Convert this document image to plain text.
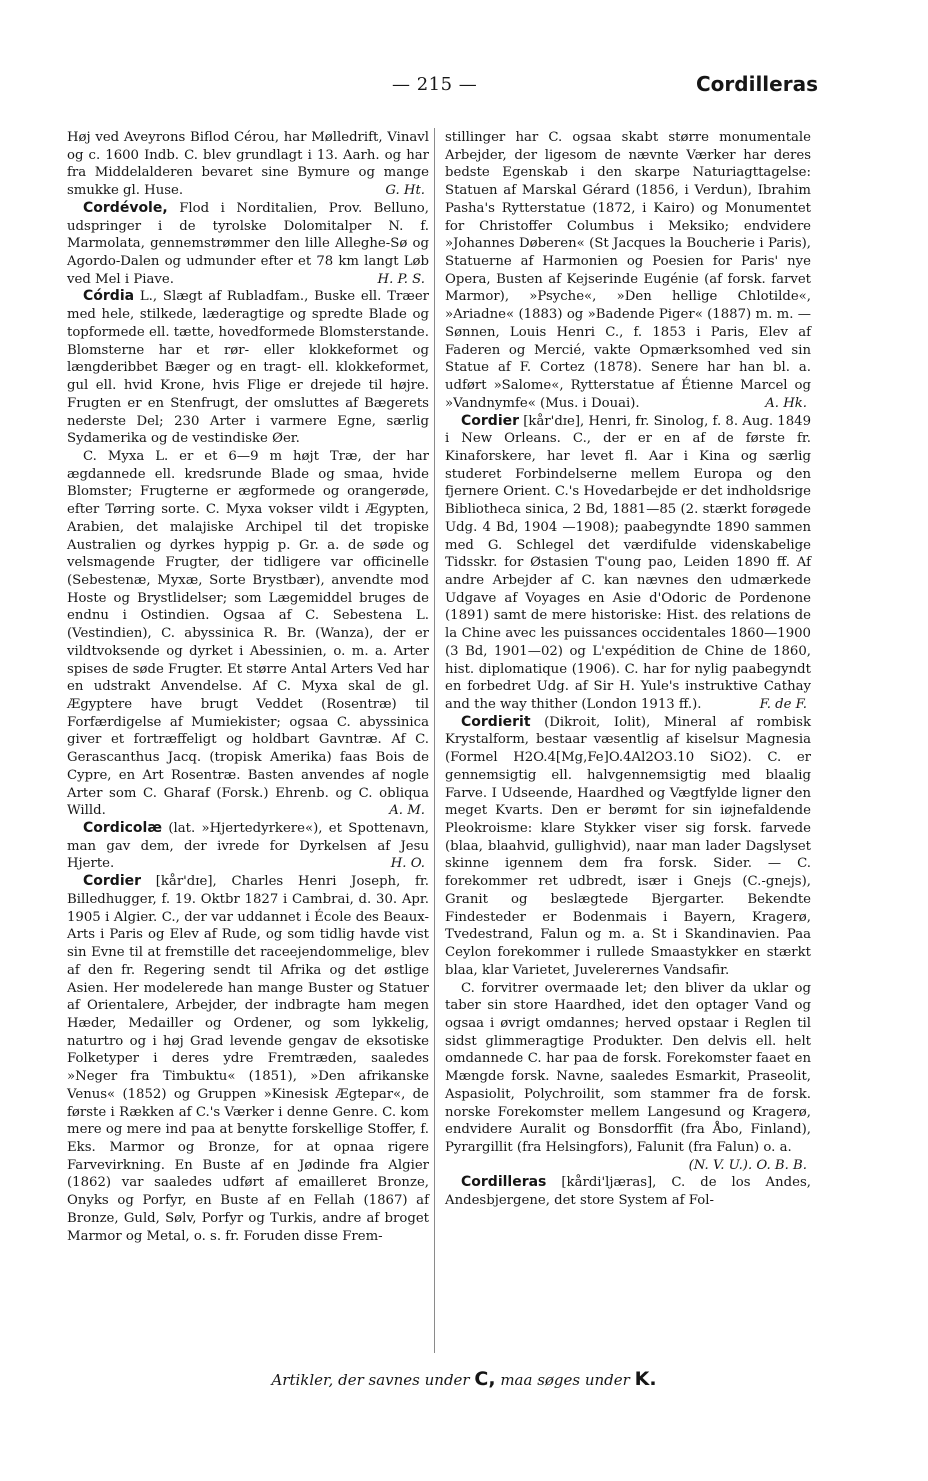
— 215 —	Cordilleras

Høj ved Aveyrons Biflod Cérou, har Mølledrift, Vinavl og c. 1600 Indb. C. blev grundlagt i 13. Aarh. og har fra Middelalderen bevaret sine Bymure og mange smukke gl. Huse.	G. Ht.

Cordévole, Flod i Norditalien, Prov. Belluno, udspringer i de tyrolske Dolomitalper N. f. Marmolata, gennemstrømmer den lille Alleghe-Sø og Agordo-Dalen og udmunder efter et 78 km langt Løb ved Mel i Piave.	H. P. S.

Córdia L., Slægt af Rubladfam., Buske ell. Træer med hele, stilkede, læderagtige og spredte Blade og topformede ell. tætte, hovedformede Blomsterstande. Blomsterne har et rør- eller klokkeformet og længderibbet Bæger og en tragt- ell. klokkeformet, gul ell. hvid Krone, hvis Flige er drejede til højre. Frugten er en Stenfrugt, der omsluttes af Bægerets nederste Del; 230 Arter i varmere Egne, særlig Sydamerika og de vestindiske Øer.

C. Myxa L. er et 6—9 m højt Træ, der har ægdannede ell. kredsrunde Blade og smaa, hvide Blomster; Frugterne er ægformede og orangerøde, efter Tørring sorte. C. Myxa vokser vildt i Ægypten, Arabien, det malajiske Archipel til det tropiske Australien og dyrkes hyppig p. Gr. a. de søde og velsmagende Frugter, der tidligere var officinelle (Sebestenæ, Myxæ, Sorte Brystbær), anvendte mod Hoste og Brystlidelser; som Lægemiddel bruges de endnu i Ostindien. Ogsaa af C. Sebestena L. (Vestindien), C. abyssinica R. Br. (Wanza), der er vildtvoksende og dyrket i Abessinien, o. m. a. Arter spises de søde Frugter. Et større Antal Arters Ved har en udstrakt Anvendelse. Af C. Myxa skal de gl. Ægyptere have brugt Veddet (Rosentræ) til Forfærdigelse af Mumiekister; ogsaa C. abyssinica giver et fortræffeligt og holdbart Gavntræ. Af C. Gerascanthus Jacq. (tropisk Amerika) faas Bois de Cypre, en Art Rosentræ. Basten anvendes af nogle Arter som C. Gharaf (Forsk.) Ehrenb. og C. obliqua Willd.	A. M.

Cordicolæ (lat. »Hjertedyrkere«), et Spottenavn, man gav dem, der ivrede for Dyrkelsen af Jesu Hjerte.	H. O.

Cordier [kår'dɪe], Charles Henri Joseph, fr. Billedhugger, f. 19. Oktbr 1827 i Cambrai, d. 30. Apr. 1905 i Algier. C., der var uddannet i École des Beaux-Arts i Paris og Elev af Rude, og som tidlig havde vist sin Evne til at fremstille det raceejendommelige, blev af den fr. Regering sendt til Afrika og det østlige Asien. Her modelerede han mange Buster og Statuer af Orientalere, Arbejder, der indbragte ham megen Hæder, Medailler og Ordener, og som lykkelig, naturtro og i høj Grad levende gengav de eksotiske Folketyper i deres ydre Fremtræden, saaledes »Neger fra Timbuktu« (1851), »Den afrikanske Venus« (1852) og Gruppen »Kinesisk Ægtepar«, de første i Rækken af C.'s Værker i denne Genre. C. kom mere og mere ind paa at benytte forskellige Stoffer, f. Eks. Marmor og Bronze, for at opnaa rigere Farvevirkning. En Buste af en Jødinde fra Algier (1862) var saaledes udført af emailleret Bronze, Onyks og Porfyr, en Buste af en Fellah (1867) af Bronze, Guld, Sølv, Porfyr og Turkis, andre af broget Marmor og Metal, o. s. fr. Foruden disse Frem-

stillinger har C. ogsaa skabt større monumentale Arbejder, der ligesom de nævnte Værker har deres bedste Egenskab i den skarpe Naturiagttagelse: Statuen af Marskal Gérard (1856, i Verdun), Ibrahim Pasha's Rytterstatue (1872, i Kairo) og Monumentet for Christoffer Columbus i Meksiko; endvidere »Johannes Døberen« (St Jacques la Boucherie i Paris), Statuerne af Harmonien og Poesien for Paris' nye Opera, Busten af Kejserinde Eugénie (af forsk. farvet Marmor), »Psyche«, »Den hellige Chlotilde«, »Ariadne« (1883) og »Badende Piger« (1887) m. m. — Sønnen, Louis Henri C., f. 1853 i Paris, Elev af Faderen og Mercié, vakte Opmærksomhed ved sin Statue af F. Cortez (1878). Senere har han bl. a. udført »Salome«, Rytterstatue af Étienne Marcel og »Vandnymfe« (Mus. i Douai).	A. Hk.

Cordier [kår'dɪe], Henri, fr. Sinolog, f. 8. Aug. 1849 i New Orleans. C., der er en af de første fr. Kinaforskere, har levet fl. Aar i Kina og særlig studeret Forbindelserne mellem Europa og den fjernere Orient. C.'s Hovedarbejde er det indholdsrige Bibliotheca sinica, 2 Bd, 1881—85 (2. stærkt forøgede Udg. 4 Bd, 1904 —1908); paabegyndte 1890 sammen med G. Schlegel det værdifulde videnskabelige Tidsskr. for Østasien T'oung pao, Leiden 1890 ff. Af andre Arbejder af C. kan nævnes den udmærkede Udgave af Voyages en Asie d'Odoric de Pordenone (1891) samt de mere historiske: Hist. des relations de la Chine avec les puissances occidentales 1860—1900 (3 Bd, 1901—02) og L'expédition de Chine de 1860, hist. diplomatique (1906). C. har for nylig paabegyndt en forbedret Udg. af Sir H. Yule's instruktive Cathay and the way thither (London 1913 ff.).	F. de F.

Cordierit (Dikroit, Iolit), Mineral af rombisk Krystalform, bestaar væsentlig af kiselsur Magnesia (Formel H2O.4[Mg,Fe]O.4Al2O3.10 SiO2). C. er gennemsigtig ell. halvgennemsigtig med blaalig Farve. I Udseende, Haardhed og Vægtfylde ligner den meget Kvarts. Den er berømt for sin iøjnefaldende Pleokroisme: klare Stykker viser sig forsk. farvede (blaa, blaahvid, gullighvid), naar man lader Dagslyset skinne igennem dem fra forsk. Sider. — C. forekommer ret udbredt, især i Gnejs (C.-gnejs), Granit og beslægtede Bjergarter. Bekendte Findesteder er Bodenmais i Bayern, Kragerø, Tvedestrand, Falun og m. a. St i Skandinavien. Paa Ceylon forekommer i rullede Smaastykker en stærkt blaa, klar Varietet, Juvelerernes Vandsafir.

C. forvitrer overmaade let; den bliver da uklar og taber sin store Haardhed, idet den optager Vand og ogsaa i øvrigt omdannes; herved opstaar i Reglen til sidst glimmeragtige Produkter. Den delvis ell. helt omdannede C. har paa de forsk. Forekomster faaet en Mængde forsk. Navne, saaledes Esmarkit, Praseolit, Aspasiolit, Polychroilit, som stammer fra de forsk. norske Forekomster mellem Langesund og Kragerø, endvidere Auralit og Bonsdorffit (fra Åbo, Finland), Pyrargillit (fra Helsingfors), Falunit (fra Falun) o. a.
(N. V. U.). O. B. B.

Cordilleras [kårdi'ljæras], C. de los Andes, Andesbjergene, det store System af Fol-

Artikler, der savnes under C, maa søges under K.
